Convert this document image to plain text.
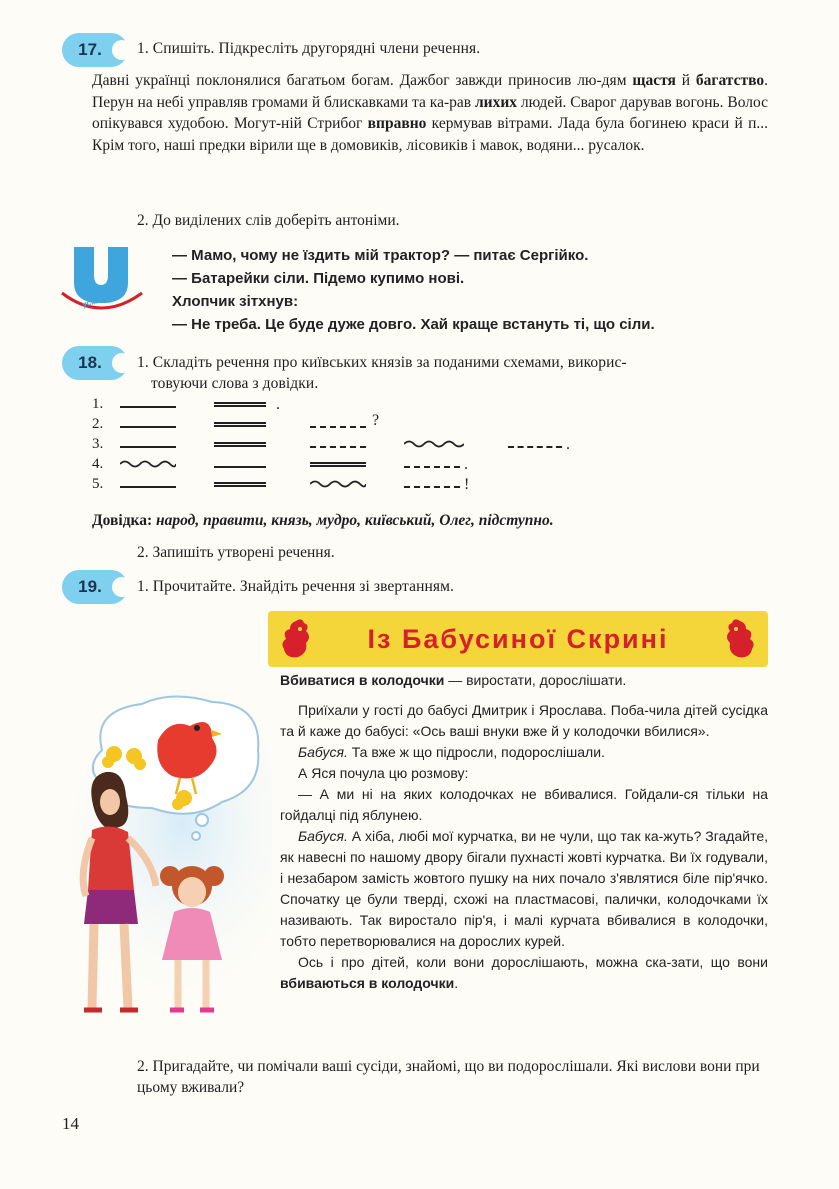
17. 1. Спишіть. Підкресліть другорядні члени речення.
Давні українці поклонялися багатьом богам. Дажбог завжди приносив лю-дям щастя й багатство. Перун на небі управляв громами й блискавками та ка-рав лихих людей. Сварог дарував вогонь. Волос опікувався худобою. Могут-ній Стрибог вправно кермував вітрами. Лада була богинею краси й п... Крім того, наші предки вірили ще в домовиків, лісовиків і мавок, водяни... русалок.
2. До виділених слів доберіть антоніми.
усміхнись
— Мамо, чому не їздить мій трактор? — питає Сергійко.
— Батарейки сіли. Підемо купимо нові.
Хлопчик зітхнув:
— Не треба. Це буде дуже довго. Хай краще встануть ті, що сіли.
18. 1. Складіть речення про київських князів за поданими схемами, викорис-
товуючи слова з довідки.
1.
2.
3.
4.
5.
.
?
.
.
!
Довідка: народ, правити, князь, мудро, київський, Олег, підступно.
2. Запишіть утворені речення.
19. 1. Прочитайте. Знайдіть речення зі звертанням.
Із Бабусиної Скрині
Вбиватися в колодочки — виростати, дорослішати.

Приїхали у гості до бабусі Дмитрик і Ярослава. Поба-чила дітей сусідка та й каже до бабусі: «Ось ваші внуки вже й у колодочки вбилися».

Бабуся. Та вже ж що підросли, подорослішали.

А Яся почула цю розмову:

— А ми ні на яких колодочках не вбивалися. Гойдали-ся тільки на гойдалці під яблунею.

Бабуся. А хіба, любі мої курчатка, ви не чули, що так ка-жуть? Згадайте, як навесні по нашому двору бігали пухнасті жовті курчатка. Ви їх годували, і незабаром замість жовтого пушку на них почало з'являтися біле пір'ячко. Спочатку це були тверді, схожі на пластмасові, палички, колодочками їх називають. Так виростало пір'я, і малі курчата вбивалися в колодочки, тобто перетворювалися на дорослих курей.

Ось і про дітей, коли вони дорослішають, можна ска-зати, що вони вбиваються в колодочки.

2. Пригадайте, чи помічали ваші сусіди, знайомі, що ви подорослішали. Які вислови вони при цьому вживали?
14
